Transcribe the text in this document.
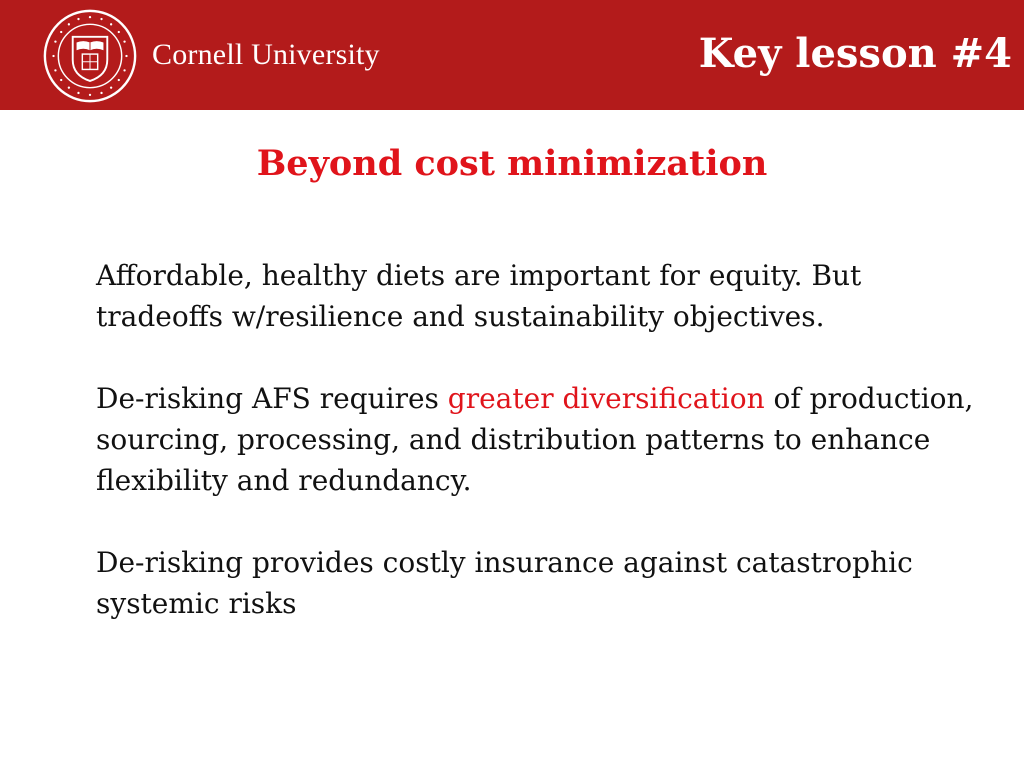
Cornell University	Key lesson #4
Beyond cost minimization

Affordable, healthy diets are important for equity. But tradeoffs w/resilience and sustainability objectives.

De-risking AFS requires greater diversification of production, sourcing, processing, and distribution patterns to enhance flexibility and redundancy.

De-risking provides costly insurance against catastrophic systemic risks
